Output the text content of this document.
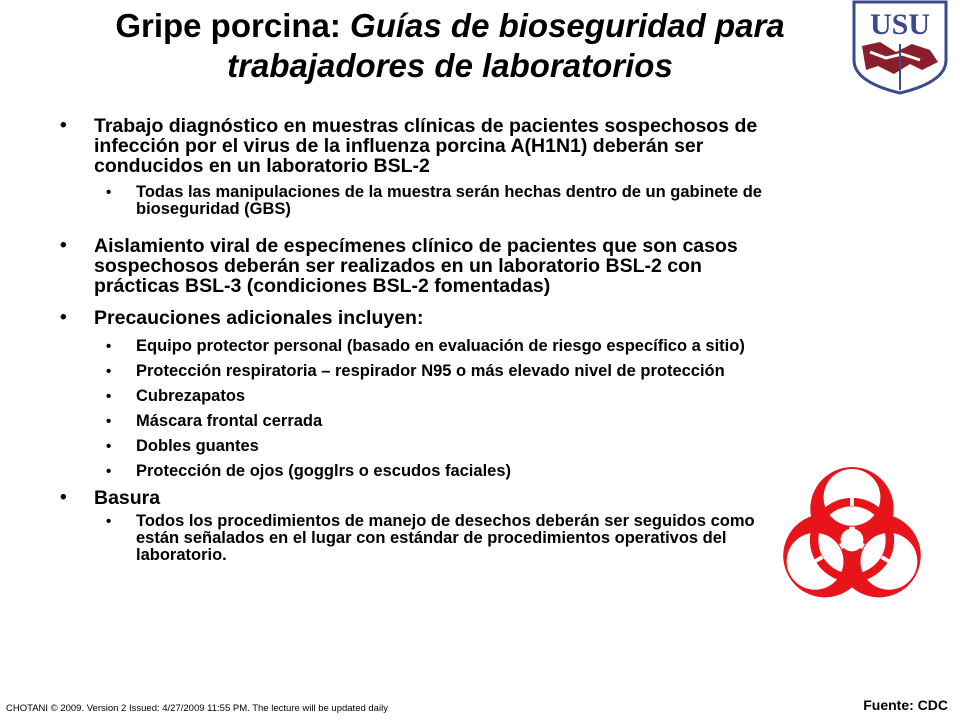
Gripe porcina: Guías de bioseguridad para
trabajadores de laboratorios
USU
• Trabajo diagnóstico en muestras clínicas de pacientes sospechosos de infección por el virus de la influenza porcina A(H1N1) deberán ser conducidos en un laboratorio BSL-2
• Todas las manipulaciones de la muestra serán hechas dentro de un gabinete de bioseguridad (GBS)
• Aislamiento viral de especímenes clínico de pacientes que son casos sospechosos deberán ser realizados en un laboratorio BSL-2 con prácticas BSL-3 (condiciones BSL-2 fomentadas)
• Precauciones adicionales incluyen:
• Equipo protector personal (basado en evaluación de riesgo específico a sitio)
• Protección respiratoria – respirador N95 o más elevado nivel de protección
• Cubrezapatos
• Máscara frontal cerrada
• Dobles guantes
• Protección de ojos (gogglrs o escudos faciales)
• Basura
• Todos los procedimientos de manejo de desechos deberán ser seguidos como están señalados en el lugar con estándar de procedimientos operativos del laboratorio.
CHOTANI © 2009. Version 2 Issued: 4/27/2009 11:55 PM. The lecture will be updated daily	Fuente: CDC
